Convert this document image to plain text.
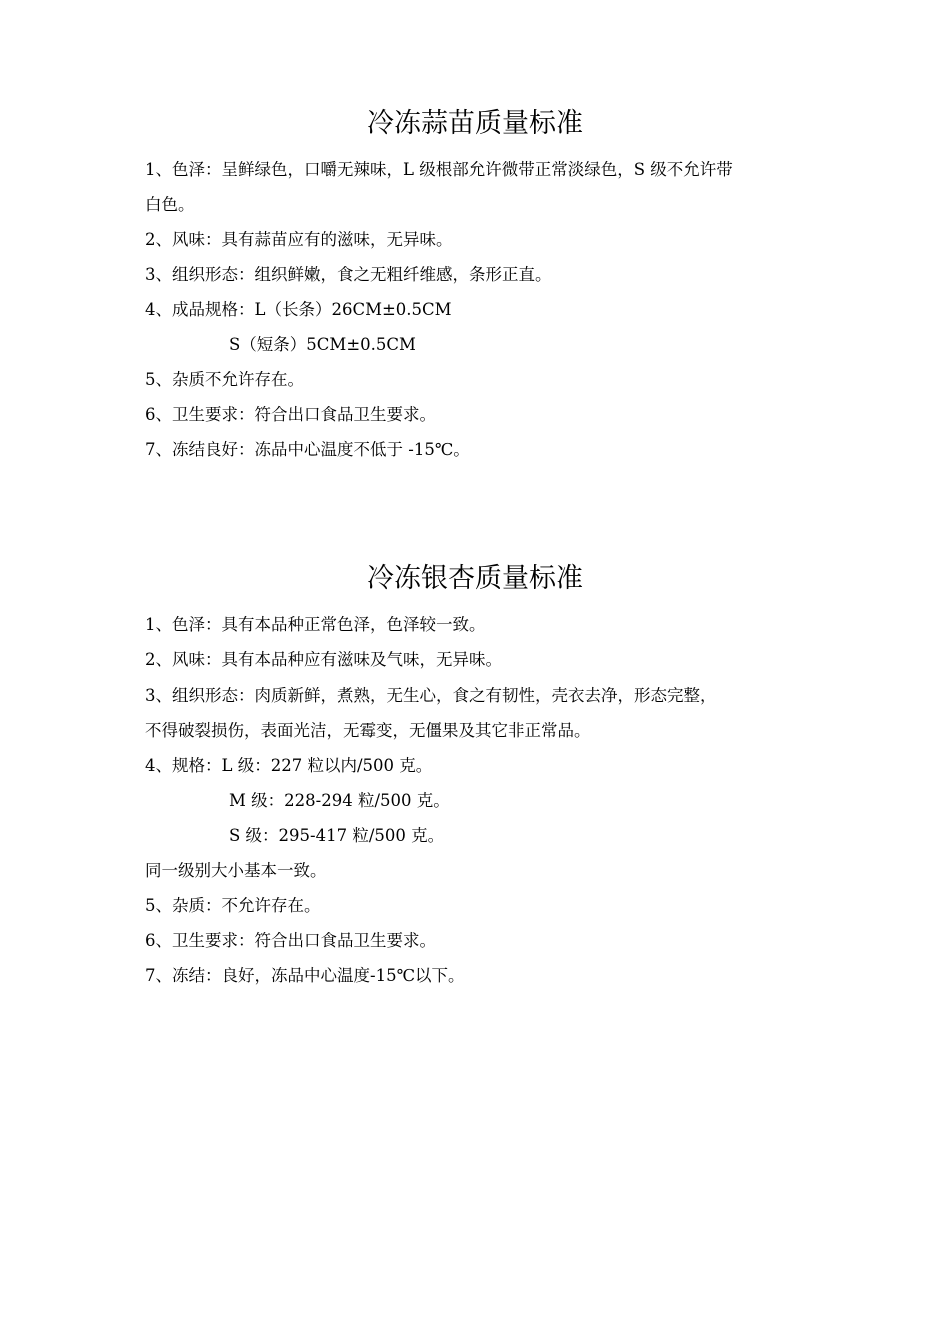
冷冻蒜苗质量标准
1、色泽：呈鲜绿色，口嚼无辣味，L 级根部允许微带正常淡绿色，S 级不允许带
白色。
2、风味：具有蒜苗应有的滋味，无异味。
3、组织形态：组织鲜嫩，食之无粗纤维感，条形正直。
4、成品规格：L（长条）26CM±0.5CM
S（短条）5CM±0.5CM
5、杂质不允许存在。
6、卫生要求：符合出口食品卫生要求。
7、冻结良好：冻品中心温度不低于 -15℃。
冷冻银杏质量标准
1、色泽：具有本品种正常色泽，色泽较一致。
2、风味：具有本品种应有滋味及气味，无异味。
3、组织形态：肉质新鲜，煮熟，无生心，食之有韧性，壳衣去净，形态完整，
不得破裂损伤，表面光洁，无霉变，无僵果及其它非正常品。
4、规格：L 级：227 粒以内/500 克。
M 级：228-294 粒/500 克。
S 级：295-417 粒/500 克。
同一级别大小基本一致。
5、杂质：不允许存在。
6、卫生要求：符合出口食品卫生要求。
7、冻结：良好，冻品中心温度-15℃以下。
